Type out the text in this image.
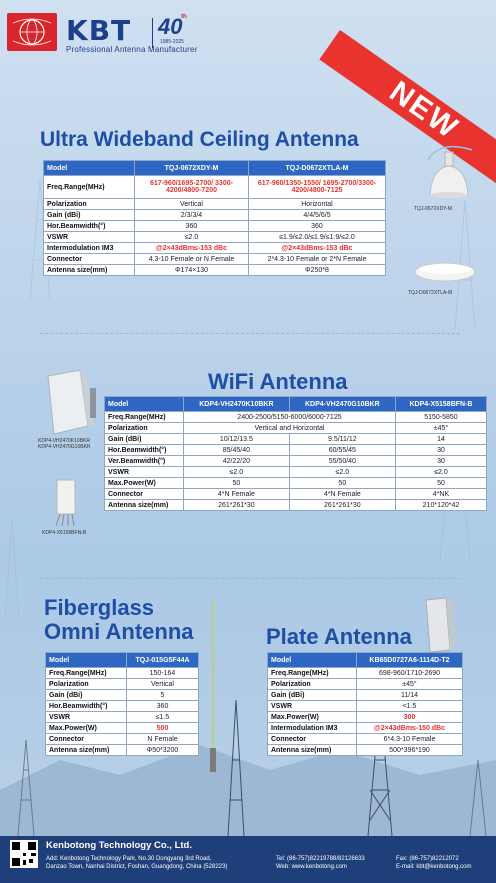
KBT 40
th
1985-2025
Professional Antenna Manufacturer
NEW
Ultra Wideband Ceiling Antenna
Model	TQJ-0672XDY-M	TQJ-D0672XTLA-M
Freq.Range(MHz)	617-960/1695-2700/ 3300-4200/4800-7200	617-960/1350-1550/ 1695-2700/3300-4200/4800-7125
Polarization	Vertical	Horizontal
Gain (dBi)	2/3/3/4	4/4/5/6/5
Hor.Beamwidth(°)	360	360
VSWR	≤2.0	≤1.9/≤2.0/≤1.9/≤1.9/≤2.0
Intermodulation IM3	@2×43dBm≤-153 dBc	@2×43dBm≤-153 dBc
Connector	4.3-10 Female or N Female	2*4.3-10 Female or 2*N Female
Antenna size(mm)	Φ174×130	Φ250*8
TQJ-0672XDY-M
TQJ-D0672XTLA-M
WiFi Antenna
Model	KDP4-VH2470K10BKR	KDP4-VH2470G10BKR	KDP4-X5158BFN-B
Freq.Range(MHz)	2400-2500/5150-6000/6000-7125		5150-5850
Polarization	Vertical and Horizontal		±45°
Gain (dBi)	10/12/13.5	9.5/11/12	14
Hor.Beamwidth(°)	85/45/40	60/55/45	30
Ver.Beamwidth(°)	42/22/20	55/50/40	30
VSWR	≤2.0	≤2.0	≤2.0
Max.Power(W)	50	50	50
Connector	4*N Female	4*N Female	4*NK
Antenna size(mm)	261*261*30	261*261*30	210*120*42
KDP4-VH2470K10BKR
KDP4-VH2470G10BKR
KDP4-X5158BFN-B
Fiberglass
Omni Antenna
Model	TQJ-015G5F44A
Freq.Range(MHz)	150-164
Polarization	Vertical
Gain (dBi)	5
Hor.Beamwidth(°)	360
VSWR	≤1.5
Max.Power(W)	500
Connector	N Female
Antenna size(mm)	Φ50*3200
Plate Antenna
Model	KB65D0727A6-1114D-T2
Freq.Range(MHz)	698-960/1710-2690
Polarization	±45°
Gain (dBi)	11/14
VSWR	<1.5
Max.Power(W)	300
Intermodulation IM3	@2×43dBm≤-150 dBc
Connector	6*4.3-10 Female
Antenna size(mm)	500*396*190
Kenbotong Technology Co., Ltd.
Add: Kenbotong Technology Park, No.30 Dongyang 3rd Road,
Danzao Town, Nanhai District, Foshan, Guangdong, China (528223)
Tel: (86-757)82219788/82126633
Web: www.kenbotong.com
Fax: (86-757)82212072
E-mail: kbt@kenbotong.com
